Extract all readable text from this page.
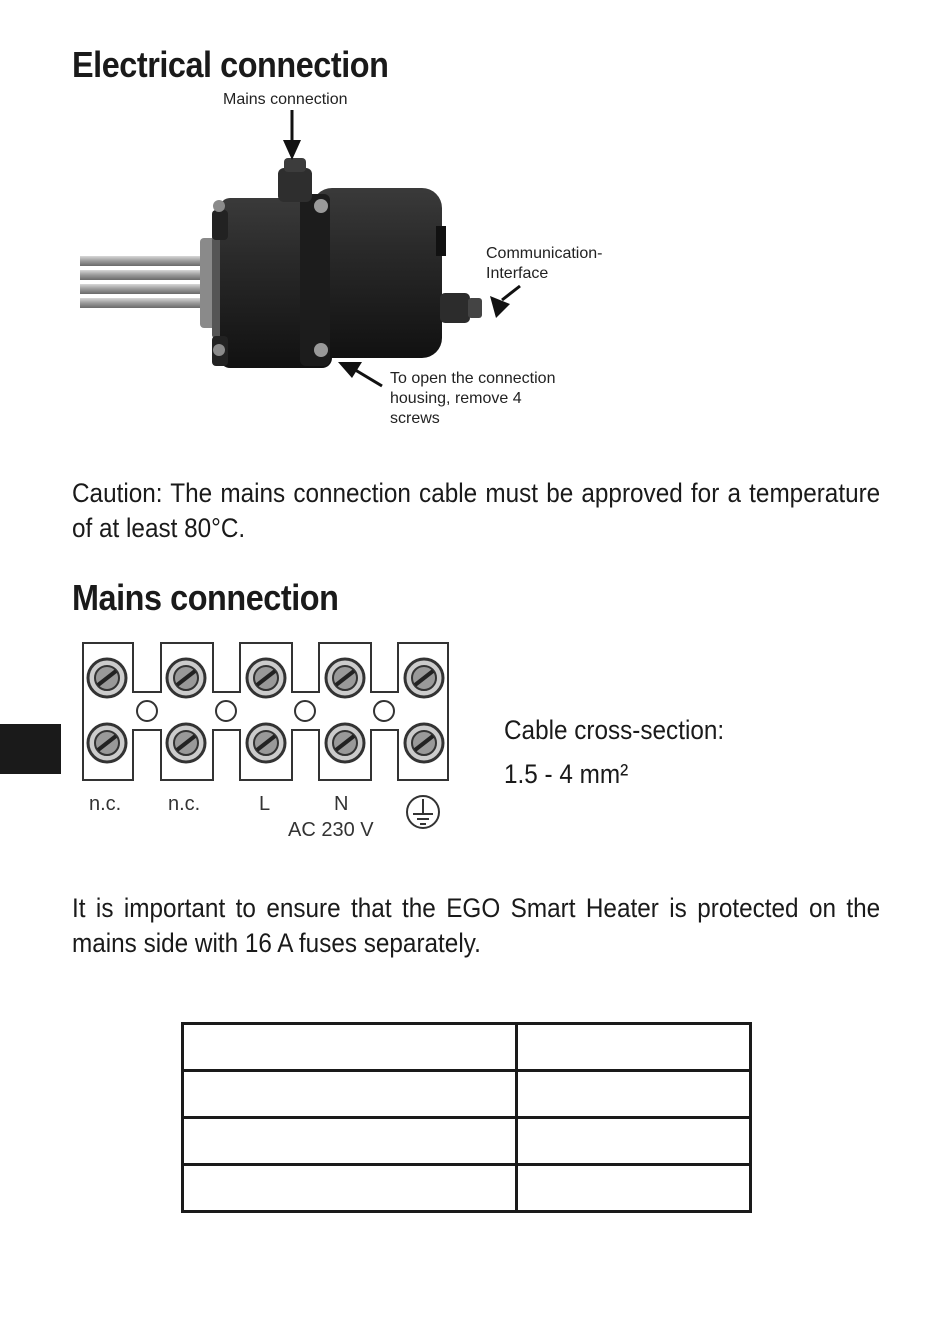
Electrical connection
Mains connection
Communication-
Interface
To open the connection
housing, remove 4
screws
Caution: The mains connection cable must be approved for a temperature of at least 80°C.
Mains connection
n.c. n.c.	L	N
AC 230 V
Cable cross-section:
1.5 - 4 mm²
It is important to ensure that the EGO Smart Heater is protected on the mains side with 16 A fuses separately.
